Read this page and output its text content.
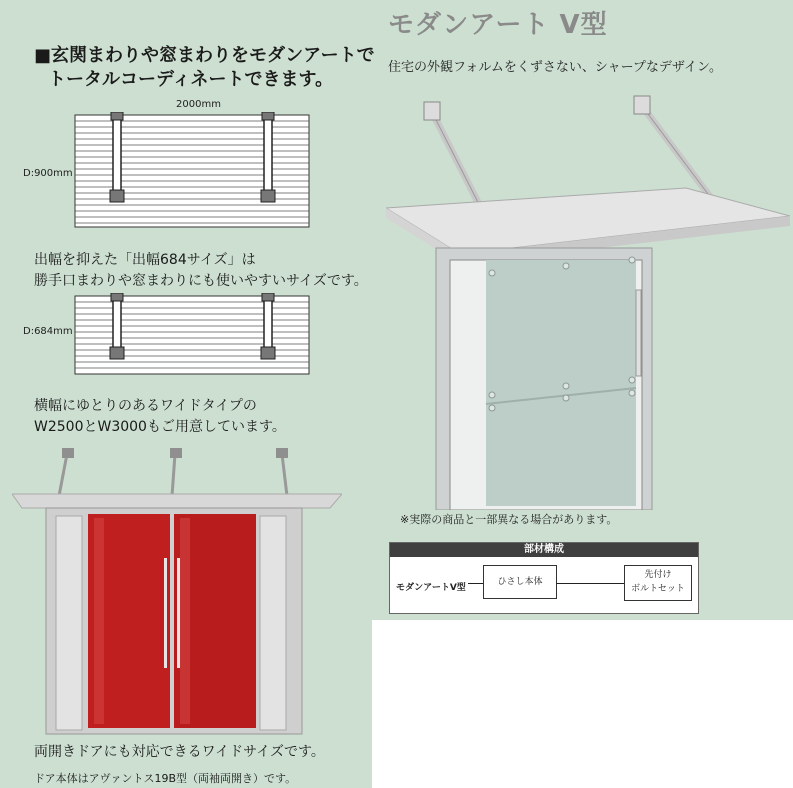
モダンアート V型
住宅の外観フォルムをくずさない、シャープなデザイン。
■玄関まわりや窓まわりをモダンアートで
トータルコーディネートできます。
2000mm
D:900mm
出幅を抑えた「出幅684サイズ」は
勝手口まわりや窓まわりにも使いやすいサイズです。
D:684mm
横幅にゆとりのあるワイドタイプの
W2500とW3000もご用意しています。
両開きドアにも対応できるワイドサイズです。
ドア本体はアヴァントス19B型（両袖両開き）です。
※実際の商品と一部異なる場合があります。
部材構成
モダンアートV型
ひさし本体
先付け
ボルトセット
